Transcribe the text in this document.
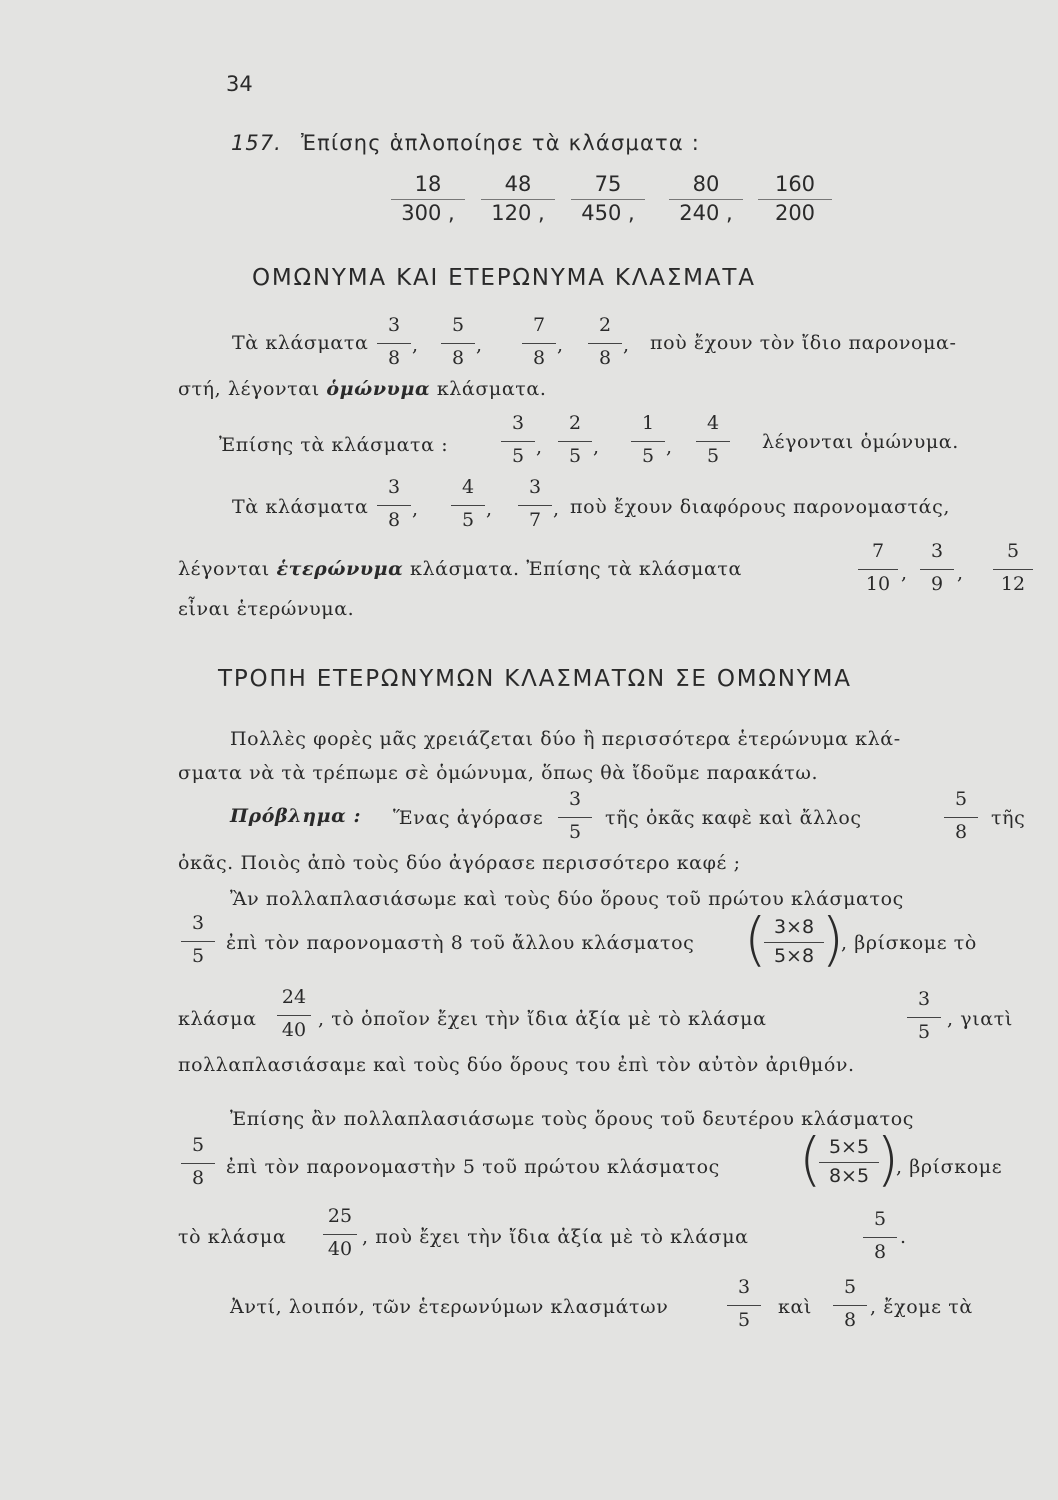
34
157. Ἐπίσης ἁπλοποίησε τὰ κλάσματα :
18
300 ,
48
120 ,
75
450 ,
80
240 ,
160
200
ΟΜΩΝΥΜΑ ΚΑΙ ΕΤΕΡΩΝΥΜΑ ΚΛΑΣΜΑΤΑ
Τὰ κλάσματα
3
8
,
5
8
,
7
8
,
2
8
, ποὺ ἔχουν τὸν ἴδιο παρονομα-
στή, λέγονται ὁμώνυμα κλάσματα.
Ἐπίσης τὰ κλάσματα :
3
5 ,
2
5 ,
1
5 ,
4
5
λέγονται ὁμώνυμα.
Τὰ κλάσματα
3
8 ,
4
5 ,
3
7 , ποὺ ἔχουν διαφόρους παρονομαστάς,
λέγονται ἑτερώνυμα κλάσματα. Ἐπίσης τὰ κλάσματα
7
10 ,
3
9 ,
5
12
εἶναι ἑτερώνυμα.
ΤΡΟΠΗ ΕΤΕΡΩΝΥΜΩΝ ΚΛΑΣΜΑΤΩΝ ΣΕ ΟΜΩΝΥΜΑ
Πολλὲς φορὲς μᾶς χρειάζεται δύο ἢ περισσότερα ἑτερώνυμα κλά-
σματα νὰ τὰ τρέπωμε σὲ ὁμώνυμα, ὅπως θὰ ἴδοῦμε παρακάτω.
Πρόβλημα : Ἕνας ἀγόρασε
3
5
τῆς ὀκᾶς καφὲ καὶ ἄλλος
5
8
τῆς
ὀκᾶς. Ποιὸς ἀπὸ τοὺς δύο ἀγόρασε περισσότερο καφέ ;
Ἂν πολλαπλασιάσωμε καὶ τοὺς δύο ὅρους τοῦ πρώτου κλάσματος
3
5
ἐπὶ τὸν παρονομαστὴ 8 τοῦ ἄλλου κλάσματος ( 3×8
5×8 )
, βρίσκομε τὸ
κλάσμα
24
40 , τὸ ὁποῖον ἔχει τὴν ἴδια ἀξία μὲ τὸ κλάσμα
3
5
, γιατὶ
πολλαπλασιάσαμε καὶ τοὺς δύο ὅρους του ἐπὶ τὸν αὐτὸν ἀριθμόν.
Ἐπίσης ἂν πολλαπλασιάσωμε τοὺς ὅρους τοῦ δευτέρου κλάσματος
5
8	ἐπὶ τὸν παρονομαστὴν 5 τοῦ πρώτου κλάσματος ( 5×5
8×5 )
, βρίσκομε
τὸ κλάσμα
25
40
, ποὺ ἔχει τὴν ἴδια ἀξία μὲ τὸ κλάσμα
5
8
.
Ἀντί, λοιπόν, τῶν ἑτερωνύμων κλασμάτων
3
5
καὶ
5
8
, ἔχομε τὰ
